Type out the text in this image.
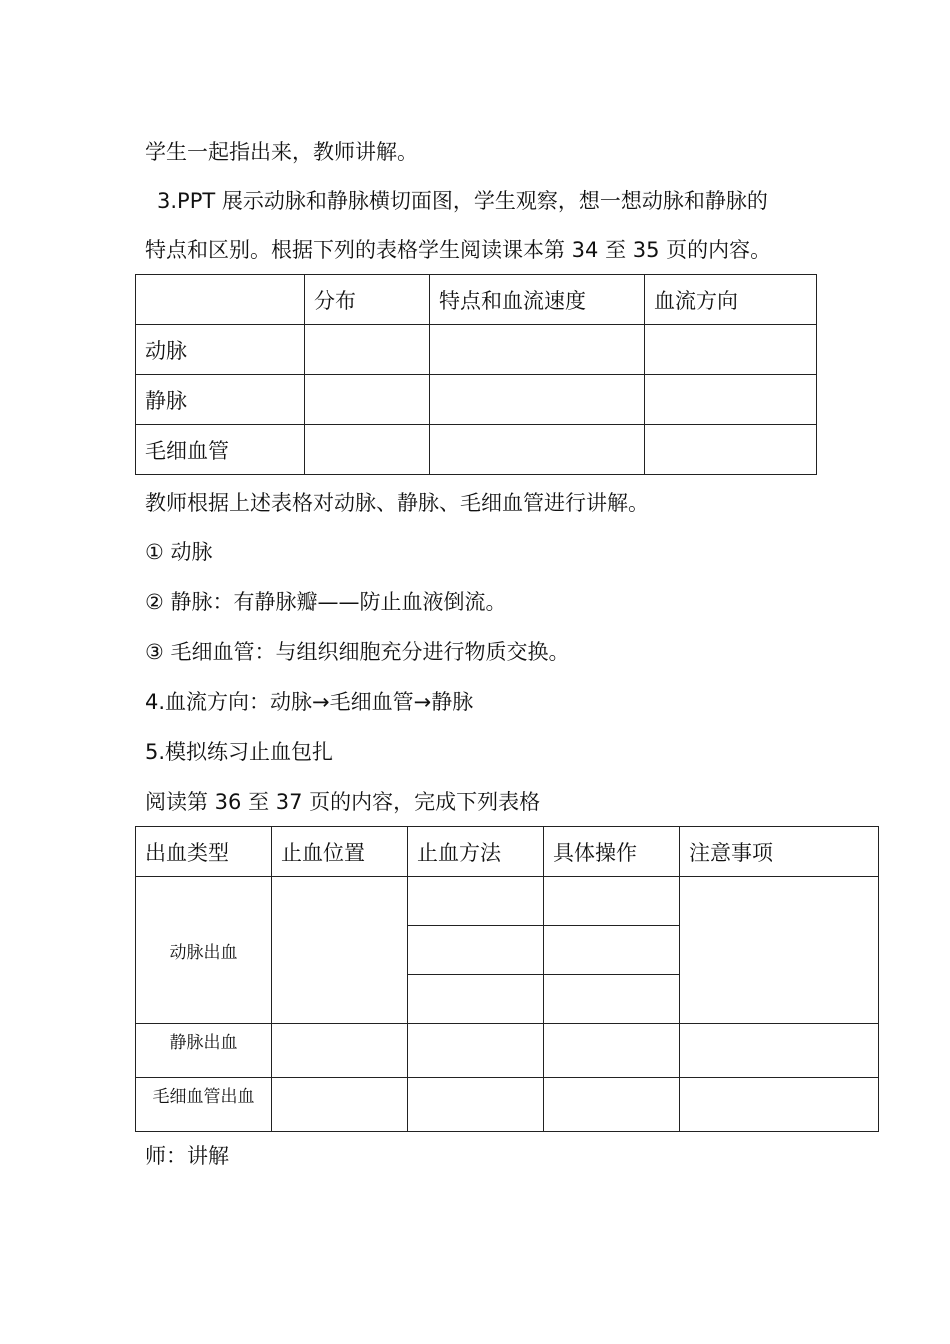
学生一起指出来，教师讲解。
3.PPT 展示动脉和静脉横切面图，学生观察，想一想动脉和静脉的
特点和区别。根据下列的表格学生阅读课本第 34 至 35 页的内容。
	分布	特点和血流速度	血流方向
动脉			
静脉			
毛细血管			
教师根据上述表格对动脉、静脉、毛细血管进行讲解。
① 动脉
② 静脉：有静脉瓣——防止血液倒流。
③ 毛细血管：与组织细胞充分进行物质交换。
4.血流方向：动脉→毛细血管→静脉
5.模拟练习止血包扎
阅读第 36 至 37 页的内容，完成下列表格
出血类型	止血位置	止血方法	具体操作	注意事项
动脉出血				

静脉出血				
毛细血管出血				
师：讲解
